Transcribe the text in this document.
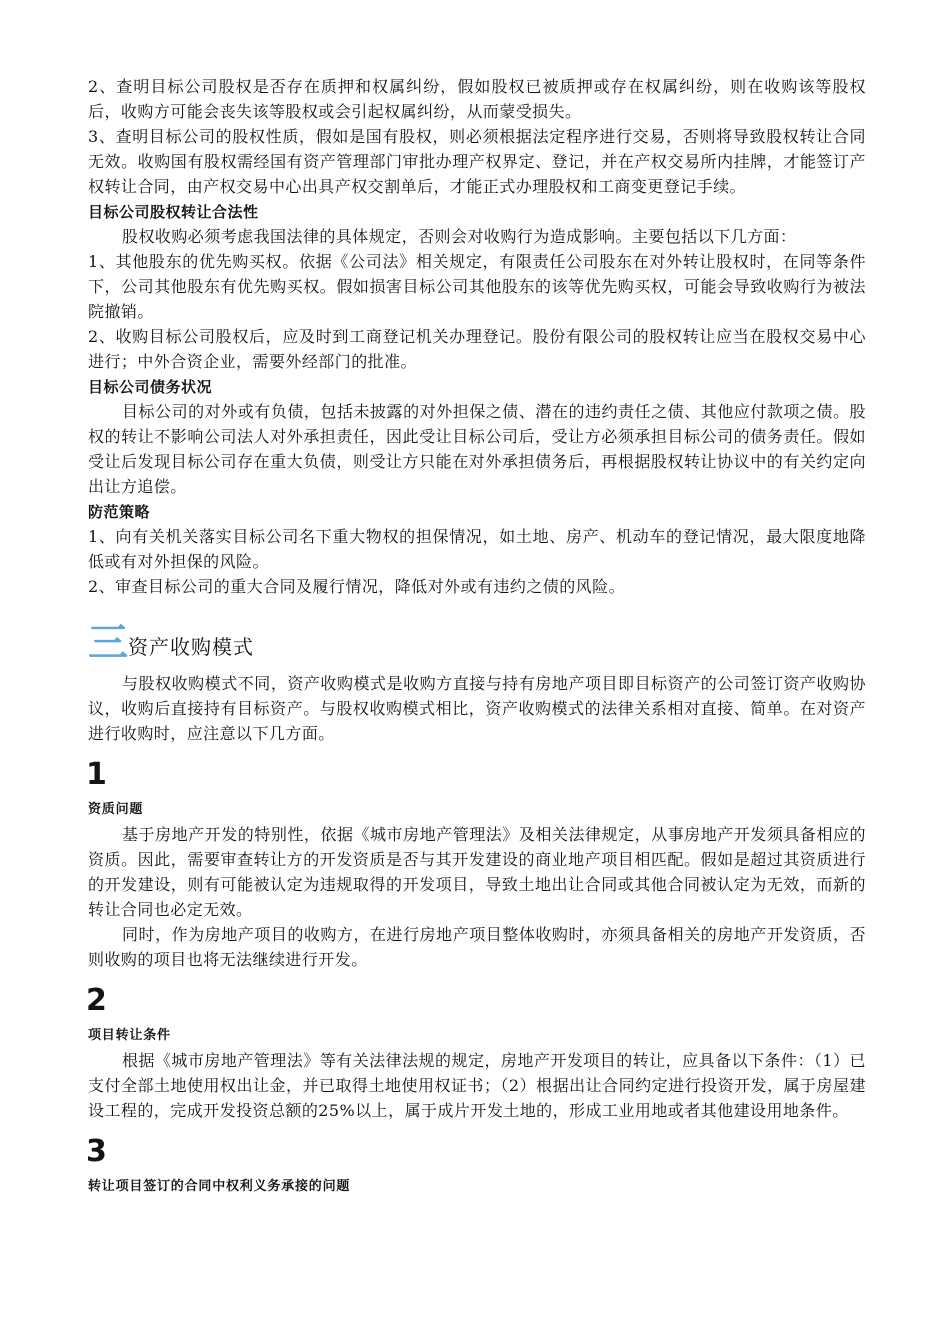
2、查明目标公司股权是否存在质押和权属纠纷，假如股权已被质押或存在权属纠纷，则在收购该等股权后，收购方可能会丧失该等股权或会引起权属纠纷，从而蒙受损失。

3、查明目标公司的股权性质，假如是国有股权，则必须根据法定程序进行交易，否则将导致股权转让合同无效。收购国有股权需经国有资产管理部门审批办理产权界定、登记，并在产权交易所内挂牌，才能签订产权转让合同，由产权交易中心出具产权交割单后，才能正式办理股权和工商变更登记手续。

目标公司股权转让合法性

股权收购必须考虑我国法律的具体规定，否则会对收购行为造成影响。主要包括以下几方面：

1、其他股东的优先购买权。依据《公司法》相关规定，有限责任公司股东在对外转让股权时，在同等条件下，公司其他股东有优先购买权。假如损害目标公司其他股东的该等优先购买权，可能会导致收购行为被法院撤销。

2、收购目标公司股权后，应及时到工商登记机关办理登记。股份有限公司的股权转让应当在股权交易中心进行；中外合资企业，需要外经部门的批准。

目标公司债务状况

目标公司的对外或有负债，包括未披露的对外担保之债、潜在的违约责任之债、其他应付款项之债。股权的转让不影响公司法人对外承担责任，因此受让目标公司后，受让方必须承担目标公司的债务责任。假如受让后发现目标公司存在重大负债，则受让方只能在对外承担债务后，再根据股权转让协议中的有关约定向出让方追偿。

防范策略

1、向有关机关落实目标公司名下重大物权的担保情况，如土地、房产、机动车的登记情况，最大限度地降低或有对外担保的风险。

2、审查目标公司的重大合同及履行情况，降低对外或有违约之债的风险。

三 资产收购模式

与股权收购模式不同，资产收购模式是收购方直接与持有房地产项目即目标资产的公司签订资产收购协议，收购后直接持有目标资产。与股权收购模式相比，资产收购模式的法律关系相对直接、简单。在对资产进行收购时，应注意以下几方面。

1
资质问题

基于房地产开发的特别性，依据《城市房地产管理法》及相关法律规定，从事房地产开发须具备相应的资质。因此，需要审查转让方的开发资质是否与其开发建设的商业地产项目相匹配。假如是超过其资质进行的开发建设，则有可能被认定为违规取得的开发项目，导致土地出让合同或其他合同被认定为无效，而新的转让合同也必定无效。

同时，作为房地产项目的收购方，在进行房地产项目整体收购时，亦须具备相关的房地产开发资质，否则收购的项目也将无法继续进行开发。

2
项目转让条件

根据《城市房地产管理法》等有关法律法规的规定，房地产开发项目的转让，应具备以下条件：（1）已支付全部土地使用权出让金，并已取得土地使用权证书；（2）根据出让合同约定进行投资开发，属于房屋建设工程的，完成开发投资总额的25%以上，属于成片开发土地的，形成工业用地或者其他建设用地条件。

3
转让项目签订的合同中权利义务承接的问题
